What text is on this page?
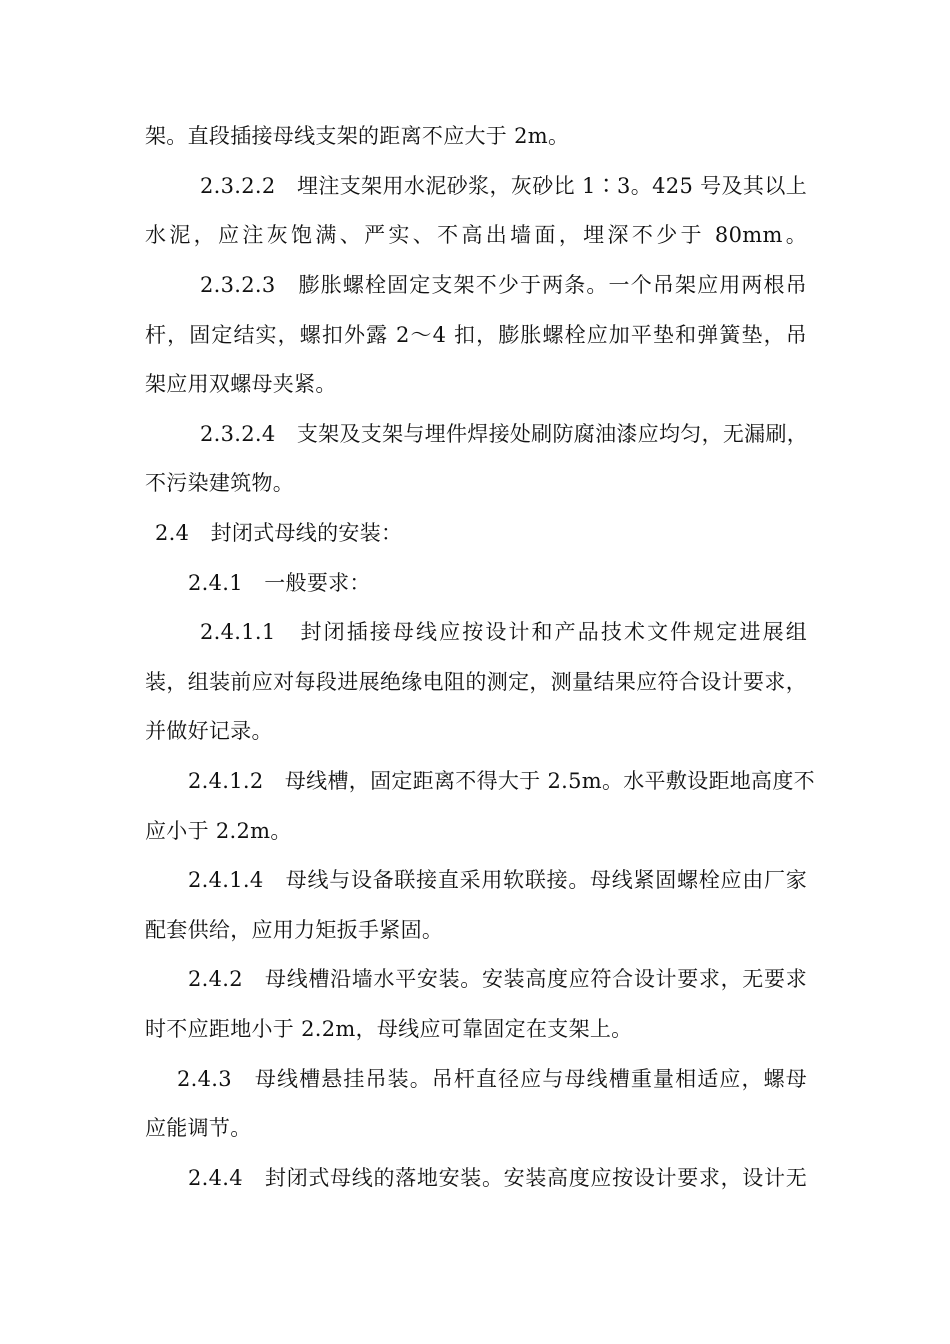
架。直段插接母线支架的距离不应大于 2m。
2.3.2.2　埋注支架用水泥砂浆，灰砂比 1∶3。425 号及其以上
水泥，应注灰饱满、严实、不高出墙面，埋深不少于 80mm。
2.3.2.3　膨胀螺栓固定支架不少于两条。一个吊架应用两根吊
杆，固定结实，螺扣外露 2～4 扣，膨胀螺栓应加平垫和弹簧垫，吊
架应用双螺母夹紧。
2.3.2.4　支架及支架与埋件焊接处刷防腐油漆应均匀，无漏刷，
不污染建筑物。
2.4　封闭式母线的安装：
2.4.1　一般要求：
2.4.1.1　封闭插接母线应按设计和产品技术文件规定进展组
装，组装前应对每段进展绝缘电阻的测定，测量结果应符合设计要求，
并做好记录。
2.4.1.2　母线槽，固定距离不得大于 2.5m。水平敷设距地高度不
应小于 2.2m。
2.4.1.4　母线与设备联接直采用软联接。母线紧固螺栓应由厂家
配套供给，应用力矩扳手紧固。
2.4.2　母线槽沿墙水平安装。安装高度应符合设计要求，无要求
时不应距地小于 2.2m，母线应可靠固定在支架上。
2.4.3　母线槽悬挂吊装。吊杆直径应与母线槽重量相适应，螺母
应能调节。
2.4.4　封闭式母线的落地安装。安装高度应按设计要求，设计无
